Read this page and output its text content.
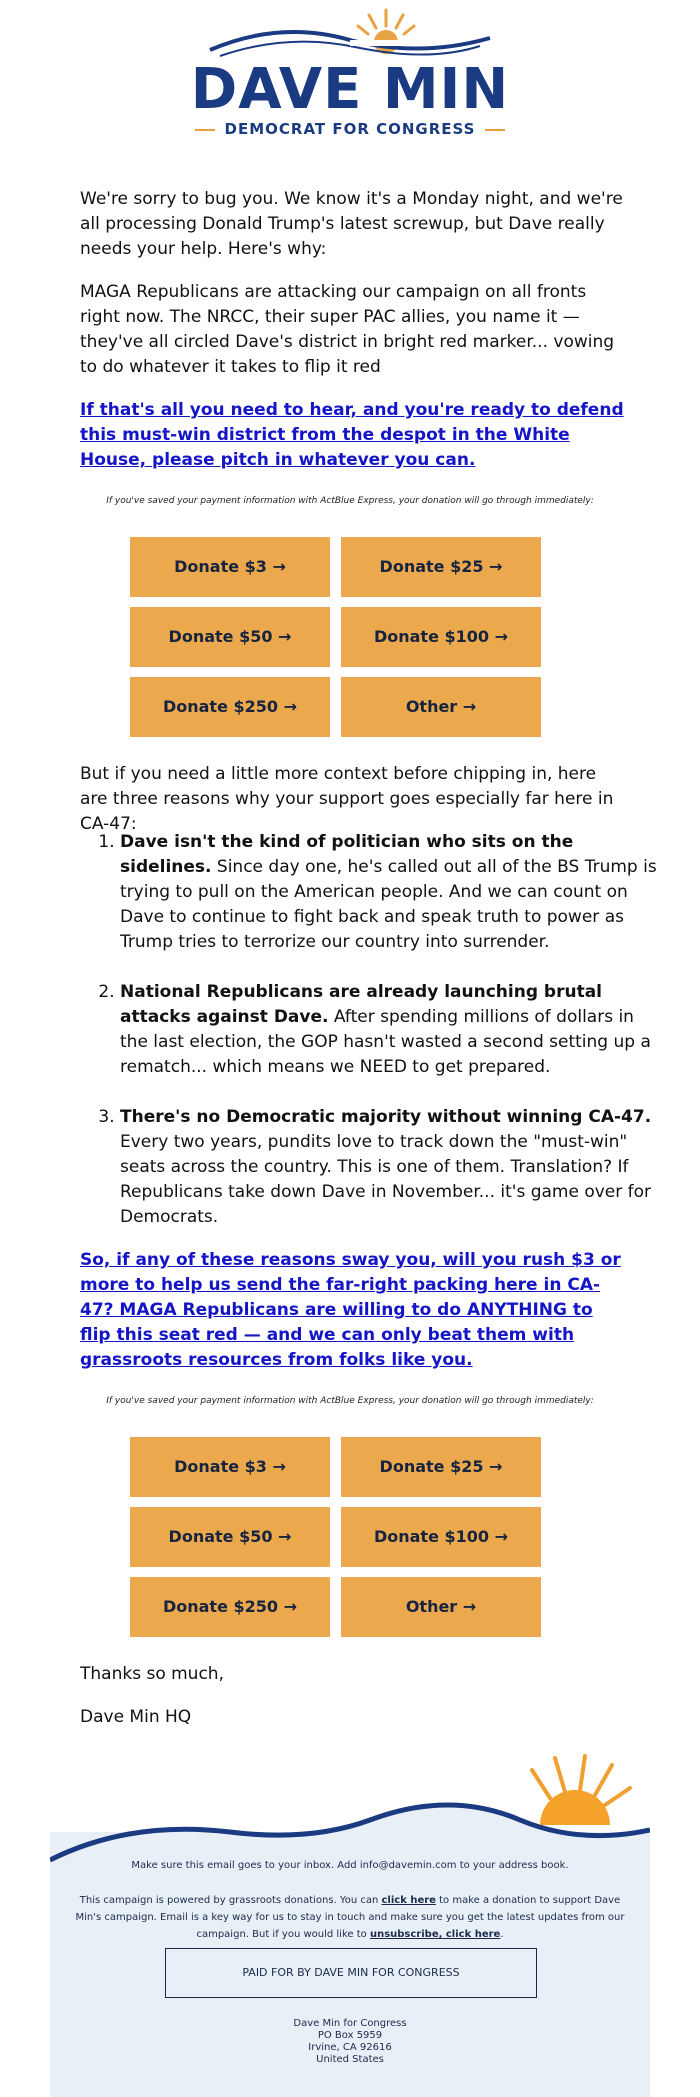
DAVE MIN
DEMOCRAT FOR CONGRESS

We're sorry to bug you. We know it's a Monday night, and we're all processing Donald Trump's latest screwup, but Dave really needs your help. Here's why:

MAGA Republicans are attacking our campaign on all fronts right now. The NRCC, their super PAC allies, you name it — they've all circled Dave's district in bright red marker... vowing to do whatever it takes to flip it red

If that's all you need to hear, and you're ready to defend this must-win district from the despot in the White House, please pitch in whatever you can.

If you've saved your payment information with ActBlue Express, your donation will go through immediately:
Donate $3 →	Donate $25 →
Donate $50 →	Donate $100 →
Donate $250 →	Other →

But if you need a little more context before chipping in, here are three reasons why your support goes especially far here in CA-47:

1. Dave isn't the kind of politician who sits on the sidelines. Since day one, he's called out all of the BS Trump is trying to pull on the American people. And we can count on Dave to continue to fight back and speak truth to power as Trump tries to terrorize our country into surrender.
2. National Republicans are already launching brutal attacks against Dave. After spending millions of dollars in the last election, the GOP hasn't wasted a second setting up a rematch... which means we NEED to get prepared.
3. There's no Democratic majority without winning CA-47. Every two years, pundits love to track down the "must-win" seats across the country. This is one of them. Translation? If Republicans take down Dave in November... it's game over for Democrats.

So, if any of these reasons sway you, will you rush $3 or more to help us send the far-right packing here in CA-47? MAGA Republicans are willing to do ANYTHING to flip this seat red — and we can only beat them with grassroots resources from folks like you.

If you've saved your payment information with ActBlue Express, your donation will go through immediately:
Donate $3 →	Donate $25 →
Donate $50 →	Donate $100 →
Donate $250 →	Other →

Thanks so much,

Dave Min HQ

Make sure this email goes to your inbox. Add info@davemin.com to your address book.
This campaign is powered by grassroots donations. You can click here to make a donation to support Dave Min's campaign. Email is a key way for us to stay in touch and make sure you get the latest updates from our campaign. But if you would like to unsubscribe, click here.
PAID FOR BY DAVE MIN FOR CONGRESS
Dave Min for Congress
PO Box 5959
Irvine, CA 92616
United States
